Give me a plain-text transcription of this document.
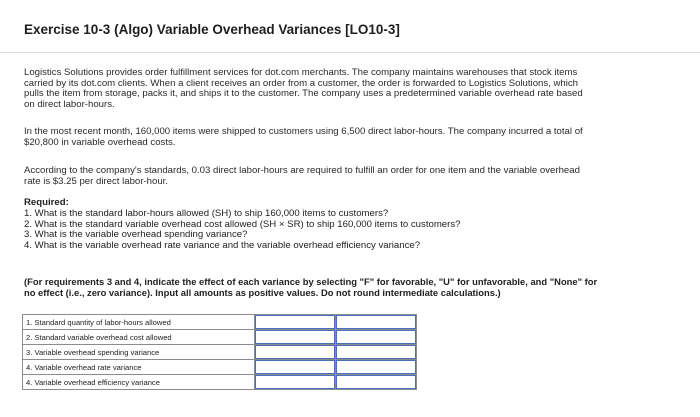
Exercise 10-3 (Algo) Variable Overhead Variances [LO10-3]
Logistics Solutions provides order fulfillment services for dot.com merchants. The company maintains warehouses that stock items
carried by its dot.com clients. When a client receives an order from a customer, the order is forwarded to Logistics Solutions, which
pulls the item from storage, packs it, and ships it to the customer. The company uses a predetermined variable overhead rate based
on direct labor-hours.
In the most recent month, 160,000 items were shipped to customers using 6,500 direct labor-hours. The company incurred a total of
$20,800 in variable overhead costs.
According to the company's standards, 0.03 direct labor-hours are required to fulfill an order for one item and the variable overhead
rate is $3.25 per direct labor-hour.
Required:
1. What is the standard labor-hours allowed (SH) to ship 160,000 items to customers?
2. What is the standard variable overhead cost allowed (SH × SR) to ship 160,000 items to customers?
3. What is the variable overhead spending variance?
4. What is the variable overhead rate variance and the variable overhead efficiency variance?
(For requirements 3 and 4, indicate the effect of each variance by selecting "F" for favorable, "U" for unfavorable, and "None" for
no effect (i.e., zero variance). Input all amounts as positive values. Do not round intermediate calculations.)
1. Standard quantity of labor-hours allowed	

2. Standard variable overhead cost allowed	

3. Variable overhead spending variance	

4. Variable overhead rate variance	

4. Variable overhead efficiency variance	
